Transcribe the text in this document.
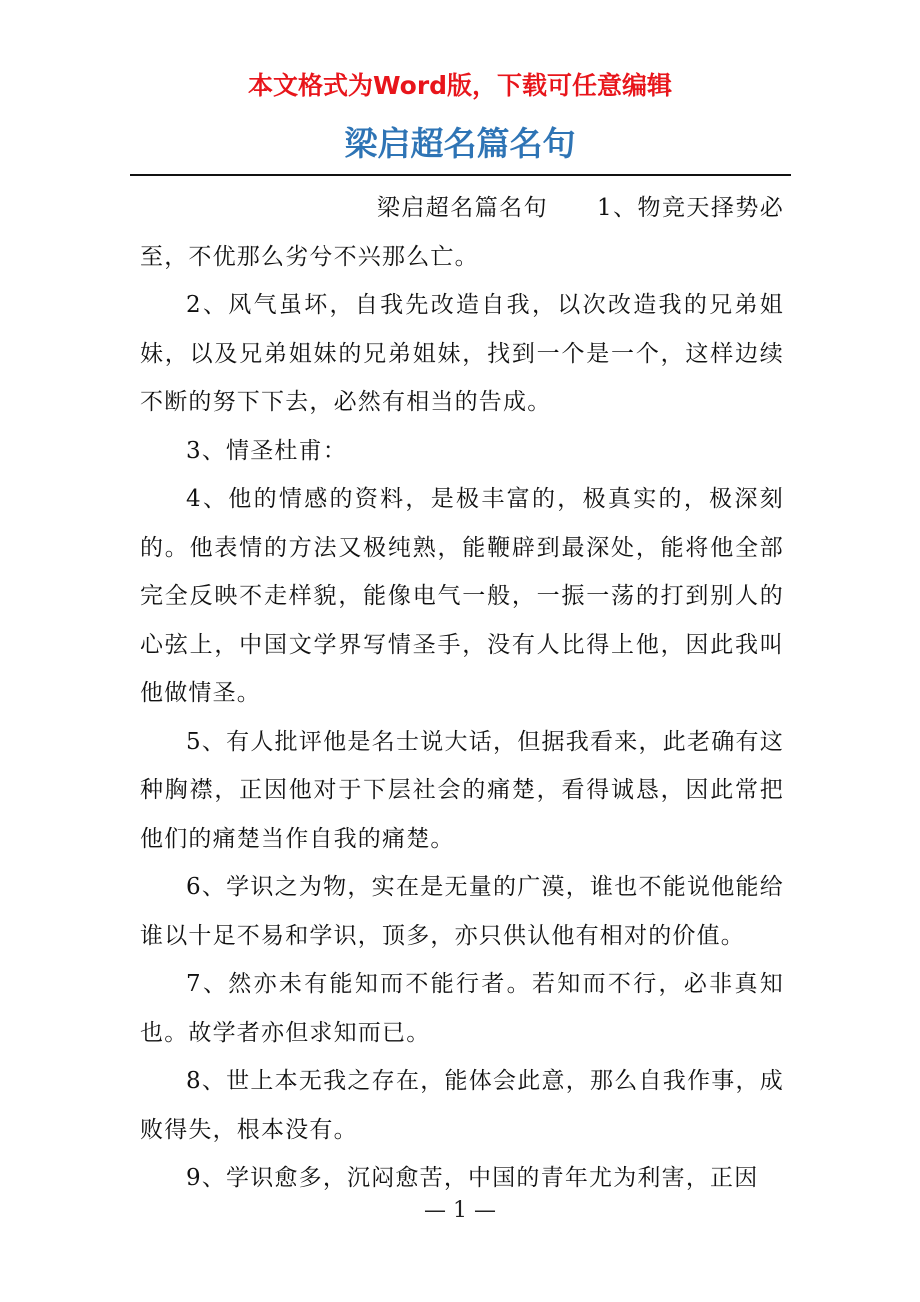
本文格式为Word版，下载可任意编辑
梁启超名篇名句

梁启超名篇名句　　1、物竞天择势必至，不优那么劣兮不兴那么亡。

2、风气虽坏，自我先改造自我，以次改造我的兄弟姐妹，以及兄弟姐妹的兄弟姐妹，找到一个是一个，这样边续不断的努下下去，必然有相当的告成。

3、情圣杜甫：

4、他的情感的资料，是极丰富的，极真实的，极深刻的。他表情的方法又极纯熟，能鞭辟到最深处，能将他全部完全反映不走样貌，能像电气一般，一振一荡的打到别人的心弦上，中国文学界写情圣手，没有人比得上他，因此我叫他做情圣。

5、有人批评他是名士说大话，但据我看来，此老确有这种胸襟，正因他对于下层社会的痛楚，看得诚恳，因此常把他们的痛楚当作自我的痛楚。

6、学识之为物，实在是无量的广漠，谁也不能说他能给谁以十足不易和学识，顶多，亦只供认他有相对的价值。

7、然亦未有能知而不能行者。若知而不行，必非真知也。故学者亦但求知而已。

8、世上本无我之存在，能体会此意，那么自我作事，成败得失，根本没有。

9、学识愈多，沉闷愈苦，中国的青年尤为利害，正因

— 1 —
